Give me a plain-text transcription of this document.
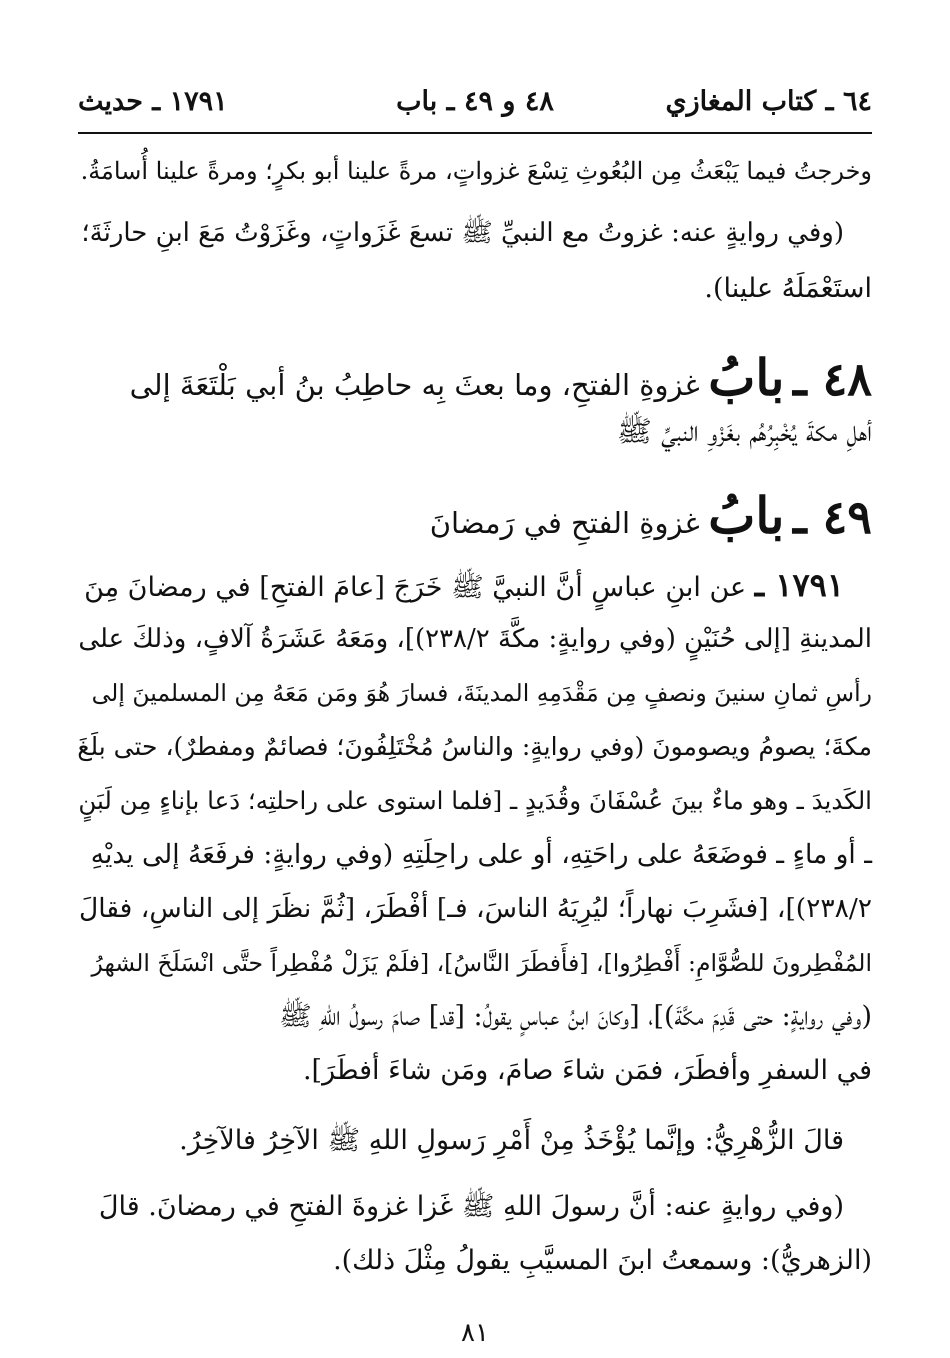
٦٤ ـ كتاب المغازي
٤٨ و ٤٩ ـ باب
١٧٩١ ـ حديث
وخرجتُ فيما يَبْعَثُ مِن البُعُوثِ تِسْعَ غزواتٍ، مرةً علينا أبو بكرٍ؛ ومرةً علينا أُسامَةُ.
(وفي روايةٍ عنه: غزوتُ مع النبيِّ ﷺ تسعَ غَزَواتٍ، وغَزَوْتُ مَعَ ابنِ حارثَةَ؛
استَعْمَلَهُ علينا).
٤٨ ـ بابُ غزوةِ الفتحِ، وما بعثَ بِه حاطِبُ بنُ أبي بَلْتَعَةَ إلى
أهلِ مكةَ يُخْبِرُهُم بغَزْوِ النبيِّ ﷺ
٤٩ ـ بابُ غزوةِ الفتحِ في رَمضانَ
١٧٩١ ـ عن ابنِ عباسٍ أنَّ النبيَّ ﷺ خَرَجَ [عامَ الفتحِ] في رمضانَ مِنَ
المدينةِ [إلى حُنَيْنٍ (وفي روايةٍ: مكَّةَ ٢٣٨/٢)]، ومَعَهُ عَشَرَةُ آلافٍ، وذلكَ على
رأسِ ثمانِ سنينَ ونصفٍ مِن مَقْدَمِهِ المدينَةَ، فسارَ هُوَ ومَن مَعَهُ مِن المسلمينَ إلى
مكةَ؛ يصومُ ويصومونَ (وفي روايةٍ: والناسُ مُخْتَلِفُونَ؛ فصائمٌ ومفطرٌ)، حتى بلَغَ
الكَديدَ ـ وهو ماءٌ بينَ عُسْفَانَ وقُدَيدٍ ـ [فلما استوى على راحلتِه؛ دَعا بإناءٍ مِن لَبَنٍ
ـ أو ماءٍ ـ فوضَعَهُ على راحَتِهِ، أو على راحِلَتِهِ (وفي روايةٍ: فرفَعَهُ إلى يديْهِ
٢٣٨/٢)]، [فشَرِبَ نهاراً؛ ليُرِيَهُ الناسَ، فـ] أفْطَرَ، [ثُمَّ نظَرَ إلى الناسِ، فقالَ
المُفْطِرونَ للصُّوَّامِ: أَفْطِرُوا]، [فأَفطَرَ النَّاسُ]، [فلَمْ يَزَلْ مُفْطِراً حتَّى انْسَلَخَ الشهرُ
(وفي روايةٍ: حتى قَدِمَ مكَّةَ)]، [وكانَ ابنُ عباسٍ يقولُ: [قد] صامَ رسولُ اللهِ ﷺ
في السفرِ وأفطَرَ، فمَن شاءَ صامَ، ومَن شاءَ أفطَرَ].
قالَ الزُّهْرِيُّ: وإنَّما يُؤْخَذُ مِنْ أَمْرِ رَسولِ اللهِ ﷺ الآخِرُ فالآخِرُ.
(وفي روايةٍ عنه: أنَّ رسولَ اللهِ ﷺ غَزا غزوةَ الفتحِ في رمضانَ. قالَ
(الزهريُّ): وسمعتُ ابنَ المسيَّبِ يقولُ مِثْلَ ذلك).
٨١
